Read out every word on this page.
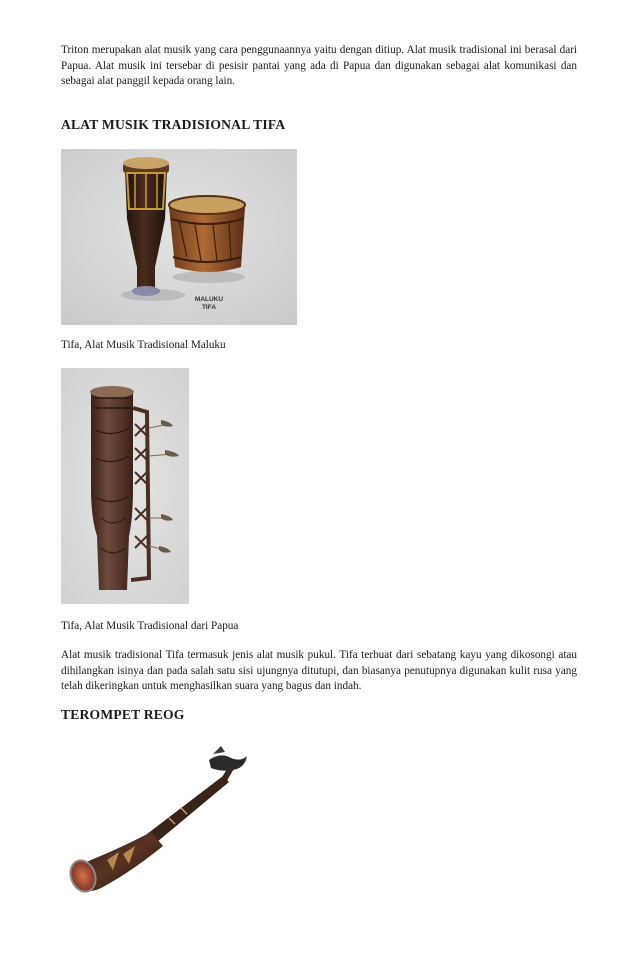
Triton merupakan alat musik yang cara penggunaannya yaitu dengan ditiup. Alat musik tradisional ini berasal dari Papua. Alat musik ini tersebar di pesisir pantai yang ada di Papua dan digunakan sebagai alat komunikasi dan sebagai alat panggil kepada orang lain.

ALAT MUSIK TRADISIONAL TIFA
MALUKU
TIFA

Tifa, Alat Musik Tradisional Maluku

Tifa, Alat Musik Tradisional dari Papua

Alat musik tradisional Tifa termasuk jenis alat musik pukul. Tifa terbuat dari sebatang kayu yang dikosongi atau dihilangkan isinya dan pada salah satu sisi ujungnya ditutupi, dan biasanya penutupnya digunakan kulit rusa yang telah dikeringkan untuk menghasilkan suara yang bagus dan indah.

TEROMPET REOG
